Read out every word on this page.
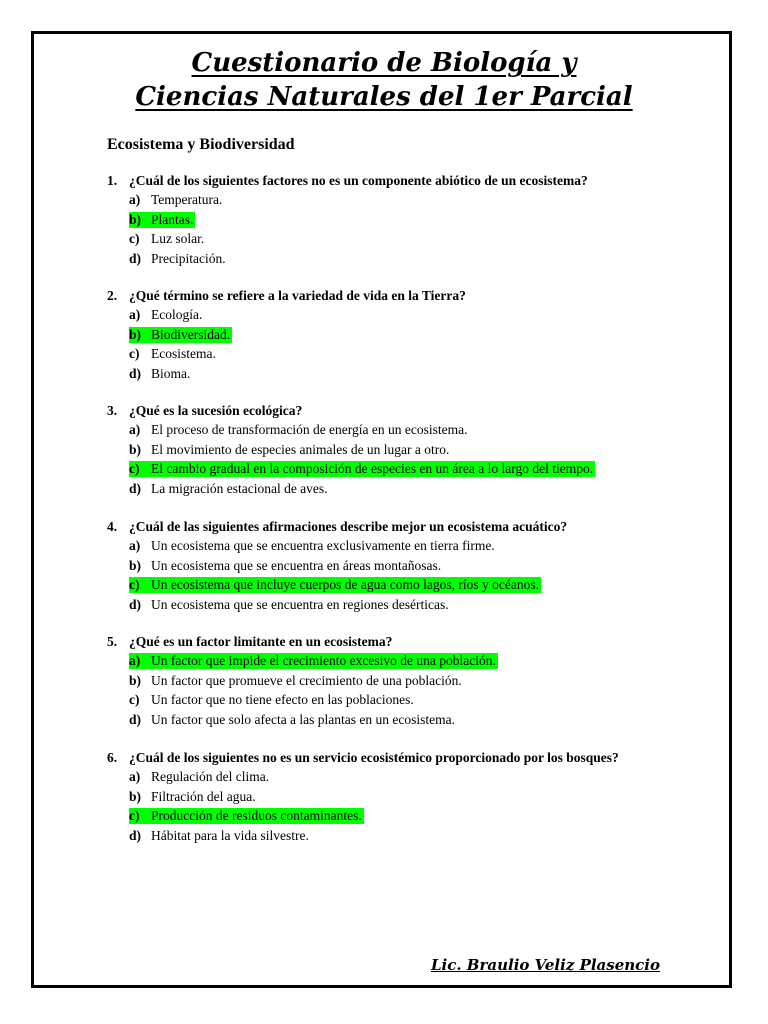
Cuestionario de Biología y
Ciencias Naturales del 1er Parcial
Ecosistema y Biodiversidad
1. ¿Cuál de los siguientes factores no es un componente abiótico de un ecosistema?
a) Temperatura.
b) Plantas.
c) Luz solar.
d) Precipitación.
2. ¿Qué término se refiere a la variedad de vida en la Tierra?
a) Ecología.
b) Biodiversidad.
c) Ecosistema.
d) Bioma.
3. ¿Qué es la sucesión ecológica?
a) El proceso de transformación de energía en un ecosistema.
b) El movimiento de especies animales de un lugar a otro.
c) El cambio gradual en la composición de especies en un área a lo largo del tiempo.
d) La migración estacional de aves.
4. ¿Cuál de las siguientes afirmaciones describe mejor un ecosistema acuático?
a) Un ecosistema que se encuentra exclusivamente en tierra firme.
b) Un ecosistema que se encuentra en áreas montañosas.
c) Un ecosistema que incluye cuerpos de agua como lagos, ríos y océanos.
d) Un ecosistema que se encuentra en regiones desérticas.
5. ¿Qué es un factor limitante en un ecosistema?
a) Un factor que impide el crecimiento excesivo de una población.
b) Un factor que promueve el crecimiento de una población.
c) Un factor que no tiene efecto en las poblaciones.
d) Un factor que solo afecta a las plantas en un ecosistema.
6. ¿Cuál de los siguientes no es un servicio ecosistémico proporcionado por los bosques?
a) Regulación del clima.
b) Filtración del agua.
c) Producción de residuos contaminantes.
d) Hábitat para la vida silvestre.
Lic. Braulio Veliz Plasencio
